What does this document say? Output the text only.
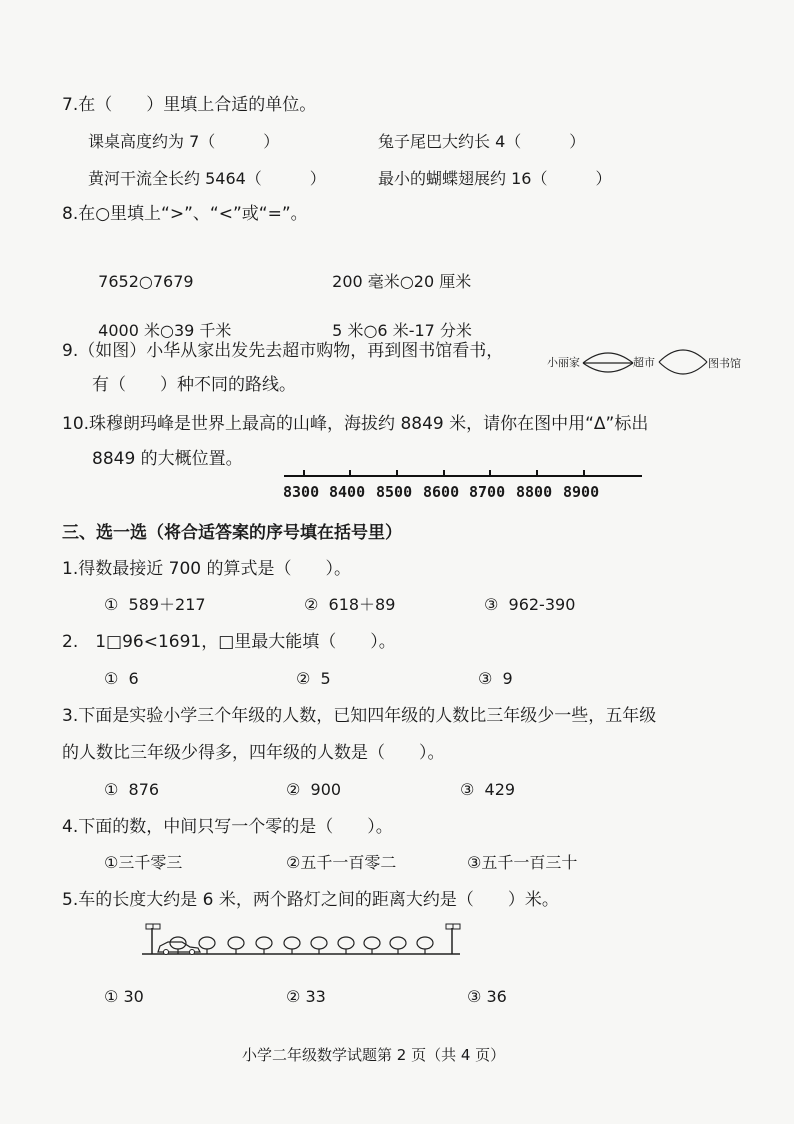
7.在（　　）里填上合适的单位。
课桌高度约为 7（　　　）	兔子尾巴大约长 4（　　　）
黄河干流全长约 5464（　　　）	最小的蝴蝶翅展约 16（　　　）
8.在○里填上“>”、“<”或“=”。

7652○7679	200 毫米○20 厘米

4000 米○39 千米	5 米○6 米-17 分米

9.（如图）小华从家出发先去超市购物，再到图书馆看书，
有（　　）种不同的路线。
小丽家	超市	图书馆
10.珠穆朗玛峰是世界上最高的山峰，海拔约 8849 米，请你在图中用“Δ”标出
8849 的大概位置。
8300 8400 8500 8600 8700 8800 8900
三、选一选（将合适答案的序号填在括号里）
1.得数最接近 700 的算式是（　　）。
① 589＋217	② 618＋89	③ 962-390
2.　1□96<1691，□里最大能填（　　）。
① 6	② 5	③ 9
3.下面是实验小学三个年级的人数，已知四年级的人数比三年级少一些，五年级
的人数比三年级少得多，四年级的人数是（　　）。
① 876	② 900	③ 429
4.下面的数，中间只写一个零的是（　　）。
①三千零三	②五千一百零二	③五千一百三十
5.车的长度大约是 6 米，两个路灯之间的距离大约是（　　）米。
① 30	② 33	③ 36
小学二年级数学试题第 2 页（共 4 页）
